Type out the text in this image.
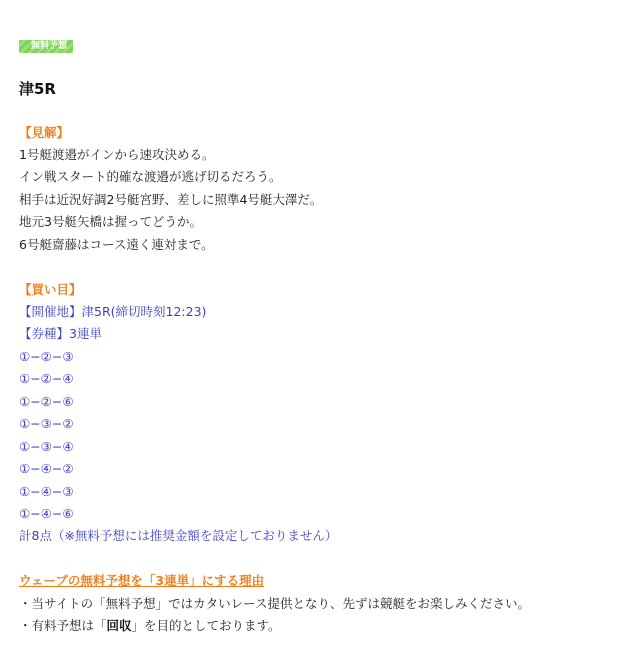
無料予想
津5R
【見解】
1号艇渡邉がインから速攻決める。
イン戦スタート的確な渡邉が逃げ切るだろう。
相手は近況好調2号艇宮野、差しに照準4号艇大澤だ。
地元3号艇矢橋は握ってどうか。
6号艇齋藤はコース遠く連対まで。
【買い目】
【開催地】津5R(締切時刻12:23)
【券種】3連単
①−②−③
①−②−④
①−②−⑥
①−③−②
①−③−④
①−④−②
①−④−③
①−④−⑥
計8点（※無料予想には推奨金額を設定しておりません）
ウェーブの無料予想を「3連単」にする理由
・当サイトの「無料予想」ではカタいレース提供となり、先ずは競艇をお楽しみください。
・有料予想は「回収」を目的としております。
